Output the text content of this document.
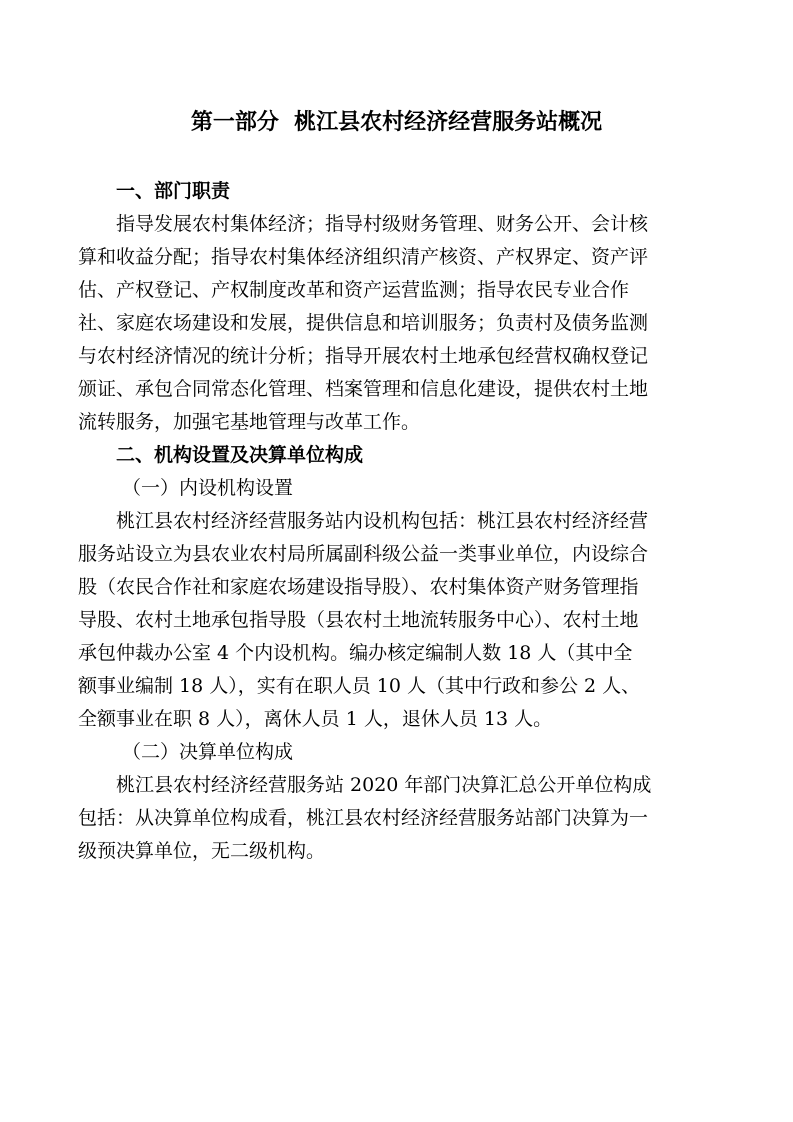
第一部分  桃江县农村经济经营服务站概况
一、部门职责

指导发展农村集体经济；指导村级财务管理、财务公开、会计核

算和收益分配；指导农村集体经济组织清产核资、产权界定、资产评

估、产权登记、产权制度改革和资产运营监测；指导农民专业合作

社、家庭农场建设和发展，提供信息和培训服务；负责村及债务监测

与农村经济情况的统计分析；指导开展农村土地承包经营权确权登记

颁证、承包合同常态化管理、档案管理和信息化建设，提供农村土地

流转服务，加强宅基地管理与改革工作。

二、机构设置及决算单位构成
（一）内设机构设置

桃江县农村经济经营服务站内设机构包括：桃江县农村经济经营

服务站设立为县农业农村局所属副科级公益一类事业单位，内设综合

股（农民合作社和家庭农场建设指导股）、农村集体资产财务管理指

导股、农村土地承包指导股（县农村土地流转服务中心）、农村土地

承包仲裁办公室 4 个内设机构。编办核定编制人数 18 人（其中全

额事业编制 18 人），实有在职人员 10 人（其中行政和参公 2 人、

全额事业在职 8 人），离休人员 1 人，退休人员 13 人。

（二）决算单位构成

桃江县农村经济经营服务站 2020 年部门决算汇总公开单位构成

包括：从决算单位构成看，桃江县农村经济经营服务站部门决算为一

级预决算单位，无二级机构。
